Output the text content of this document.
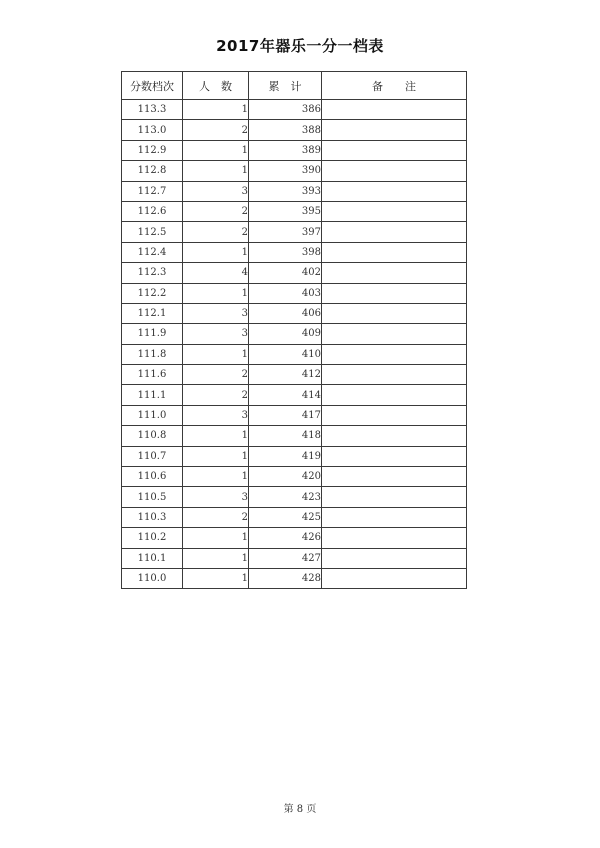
2017年器乐一分一档表
分数档次	人　数	累　计	备　　注
113.3	1	386	
113.0	2	388	
112.9	1	389	
112.8	1	390	
112.7	3	393	
112.6	2	395	
112.5	2	397	
112.4	1	398	
112.3	4	402	
112.2	1	403	
112.1	3	406	
111.9	3	409	
111.8	1	410	
111.6	2	412	
111.1	2	414	
111.0	3	417	
110.8	1	418	
110.7	1	419	
110.6	1	420	
110.5	3	423	
110.3	2	425	
110.2	1	426	
110.1	1	427	
110.0	1	428	
第 8 页
